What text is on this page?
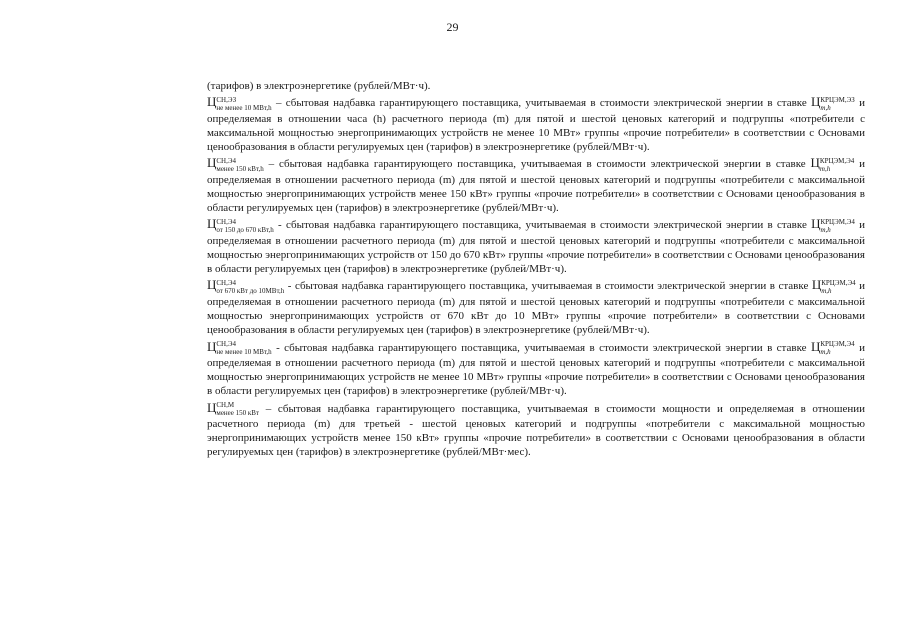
29

(тарифов) в электроэнергетике (рублей/МВт·ч).

Ц СН,ЭЗ
не менее 10 МВт,h – сбытовая надбавка гарантирующего поставщика, учитываемая в стоимости электрической энергии в ставке Ц КРЦЭМ,ЭЗ
m,h	и определяемая в отношении часа (h) расчетного периода (m) для пятой и шестой ценовых категорий и подгруппы «потребители с максимальной мощностью энергопринимающих устройств не менее 10 МВт» группы «прочие потребители» в соответствии с Основами ценообразования в области регулируемых цен (тарифов) в электроэнергетике (рублей/МВт·ч).

Ц СН,Э4
менее 150 кВт,h – сбытовая надбавка гарантирующего поставщика, учитываемая в стоимости электрической энергии в ставке Ц КРЦЭМ,Э4
m,h	и определяемая в отношении расчетного периода (m) для пятой и шестой ценовых категорий и подгруппы «потребители с максимальной мощностью энергопринимающих устройств менее 150 кВт» группы «прочие потребители» в соответствии с Основами ценообразования в области регулируемых цен (тарифов) в электроэнергетике (рублей/МВт·ч).

Ц СН,Э4
от 150 до 670 кВт,h - сбытовая надбавка гарантирующего поставщика, учитываемая в стоимости электрической энергии в ставке Ц КРЦЭМ,Э4
m,h	и определяемая в отношении расчетного периода (m) для пятой и шестой ценовых категорий и подгруппы «потребители с максимальной мощностью энергопринимающих устройств от 150 до 670 кВт» группы «прочие потребители» в соответствии с Основами ценообразования в области регулируемых цен (тарифов) в электроэнергетике (рублей/МВт·ч).

Ц СН,Э4
от 670 кВт до 10МВт,h - сбытовая надбавка гарантирующего поставщика, учитываемая в стоимости электрической энергии в ставке Ц КРЦЭМ,Э4
m,h	и определяемая в отношении расчетного периода (m) для пятой и шестой ценовых категорий и подгруппы «потребители с максимальной мощностью энергопринимающих устройств от 670 кВт до 10 МВт» группы «прочие потребители» в соответствии с Основами ценообразования в области регулируемых цен (тарифов) в электроэнергетике (рублей/МВт·ч).

Ц СН,Э4
не менее 10 МВт,h - сбытовая надбавка гарантирующего поставщика, учитываемая в стоимости электрической энергии в ставке Ц КРЦЭМ,Э4
m,h	и определяемая в отношении расчетного периода (m) для пятой и шестой ценовых категорий и подгруппы «потребители с максимальной мощностью энергопринимающих устройств не менее 10 МВт» группы «прочие потребители» в соответствии с Основами ценообразования в области регулируемых цен (тарифов) в электроэнергетике (рублей/МВт·ч).

Ц СН,М
менее 150 кВт – сбытовая надбавка гарантирующего поставщика, учитываемая в стоимости мощности и определяемая в отношении расчетного периода (m) для третьей - шестой ценовых категорий и подгруппы «потребители с максимальной мощностью энергопринимающих устройств менее 150 кВт» группы «прочие потребители» в соответствии с Основами ценообразования в области регулируемых цен (тарифов) в электроэнергетике (рублей/МВт·мес).
